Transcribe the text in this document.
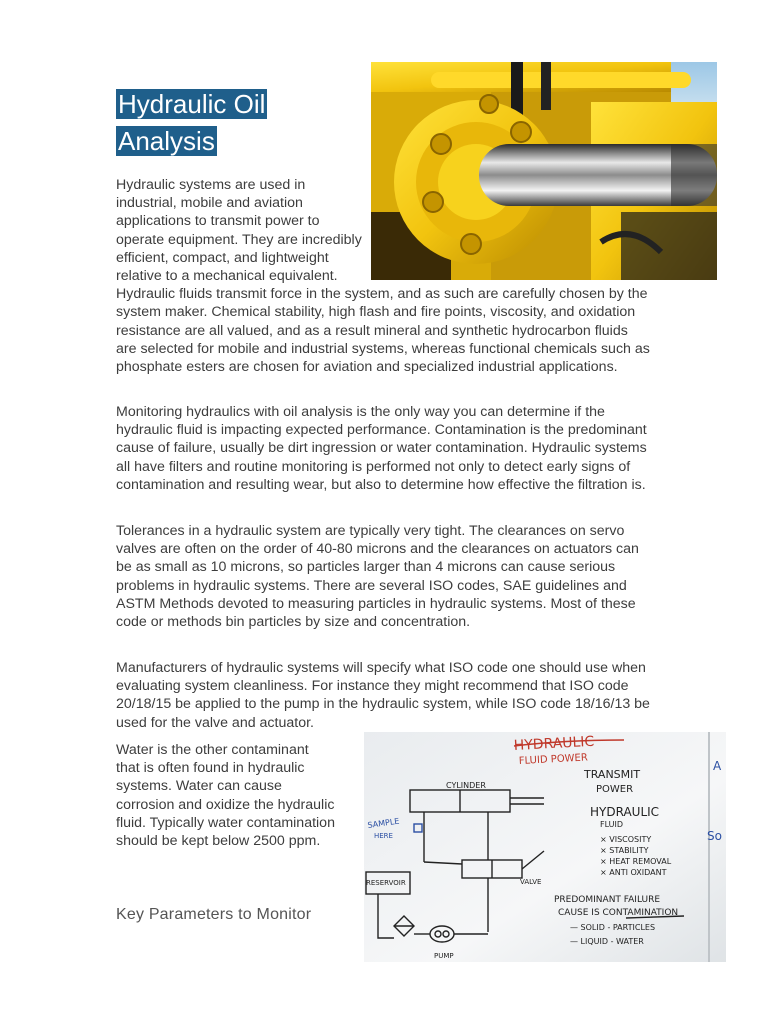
Hydraulic Oil
Analysis

Hydraulic systems are used in industrial, mobile and aviation applications to transmit power to operate equipment. They are incredibly efficient, compact, and lightweight relative to a mechanical equivalent. Hydraulic fluids transmit force in the system, and as such are carefully chosen by the system maker. Chemical stability, high flash and fire points, viscosity, and oxidation resistance are all valued, and as a result mineral and synthetic hydrocarbon fluids are selected for mobile and industrial systems, whereas functional chemicals such as phosphate esters are chosen for aviation and specialized industrial applications.

Monitoring hydraulics with oil analysis is the only way you can determine if the hydraulic fluid is impacting expected performance. Contamination is the predominant cause of failure, usually be dirt ingression or water contamination. Hydraulic systems all have filters and routine monitoring is performed not only to detect early signs of contamination and resulting wear, but also to determine how effective the filtration is.

Tolerances in a hydraulic system are typically very tight. The clearances on servo valves are often on the order of 40-80 microns and the clearances on actuators can be as small as 10 microns, so particles larger than 4 microns can cause serious problems in hydraulic systems. There are several ISO codes, SAE guidelines and ASTM Methods devoted to measuring particles in hydraulic systems. Most of these code or methods bin particles by size and concentration.

Manufacturers of hydraulic systems will specify what ISO code one should use when evaluating system cleanliness. For instance they might recommend that ISO code 20/18/15 be applied to the pump in the hydraulic system, while ISO code 18/16/13 be used for the valve and actuator.

Water is the other contaminant that is often found in hydraulic systems. Water can cause corrosion and oxidize the hydraulic fluid. Typically water contamination should be kept below 2500 ppm.

Key Parameters to Monitor
HYDRAULIC
FLUID POWER
CYLINDER
TRANSMIT
POWER
HYDRAULIC
FLUID
SAMPLE
HERE	× VISCOSITY
× STABILITY
× HEAT REMOVAL
× ANTI OXIDANT
VALVE
RESERVOIR
PUMP
PREDOMINANT FAILURE
CAUSE IS CONTAMINATION
— SOLID - PARTICLES
— LIQUID - WATER
A
So
